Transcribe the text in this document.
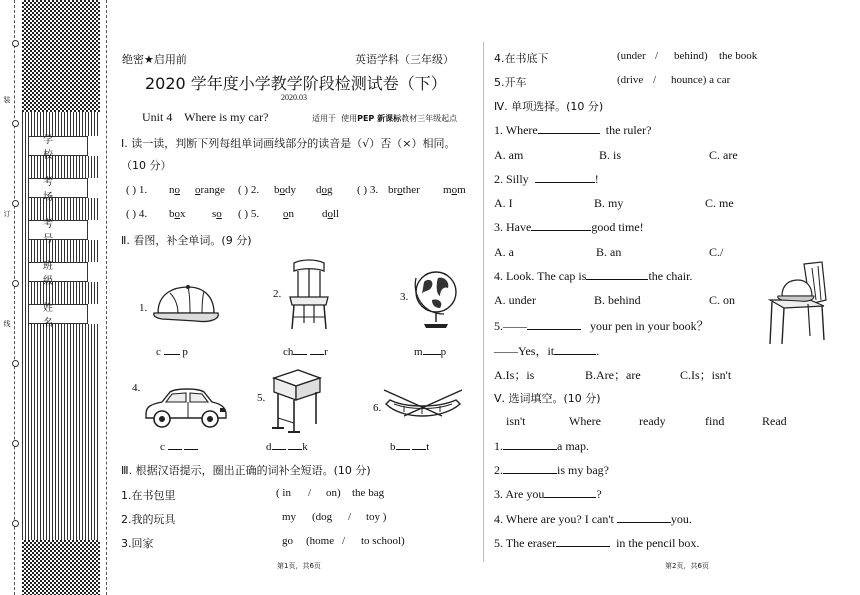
装
订
线
学 校
考 场
考 号
班 级
姓 名
绝密★启用前	英语学科（三年级）
2020 学年度小学教学阶段检测试卷（下）
2020.03
Unit 4    Where is my car?	适用于 使用PEP 新课标教材三年级起点
Ⅰ. 读一读，判断下列每组单词画线部分的读音是（√）否（×）相同。
（10 分）
( ) 1. no orange ( ) 2. body dog ( ) 3. brother mom
( ) 4. box so ( ) 5. on	doll
Ⅱ. 看图，补全单词。(9 分)
1.
c p
2.
ch	r
3.
m p
4.
c
5.
d	k
6.
b	t
Ⅲ. 根据汉语提示，圈出正确的词补全短语。(10 分)
1.在书包里	( in / on) the bag
2.我的玩具	my (dog / toy )
3.回家	go (home / to school)
4.在书底下	(under / behind) the book
5.开车	(drive / hounce) a car
Ⅳ. 单项选择。(10 分)
1. Where	the ruler?
A. am	B. is	C. are
2. Silly	!
A. I	B. my	C. me
3. Have	good time!
A. a	B. an	C./
4. Look. The cap is	the chair.
A. under	B. behind	C. on
5.——	your pen in your book？
——Yes，it	.
A.Is；is	B.Are；are	C.Is；isn't
Ⅴ. 选词填空。(10 分)
isn't	Where	ready	find	Read
1.	a map.
2.	is my bag?
3. Are you	?
4. Where are you? I can't	you.
5. The eraser	in the pencil box.
第1页，共6页	第2页，共6页
